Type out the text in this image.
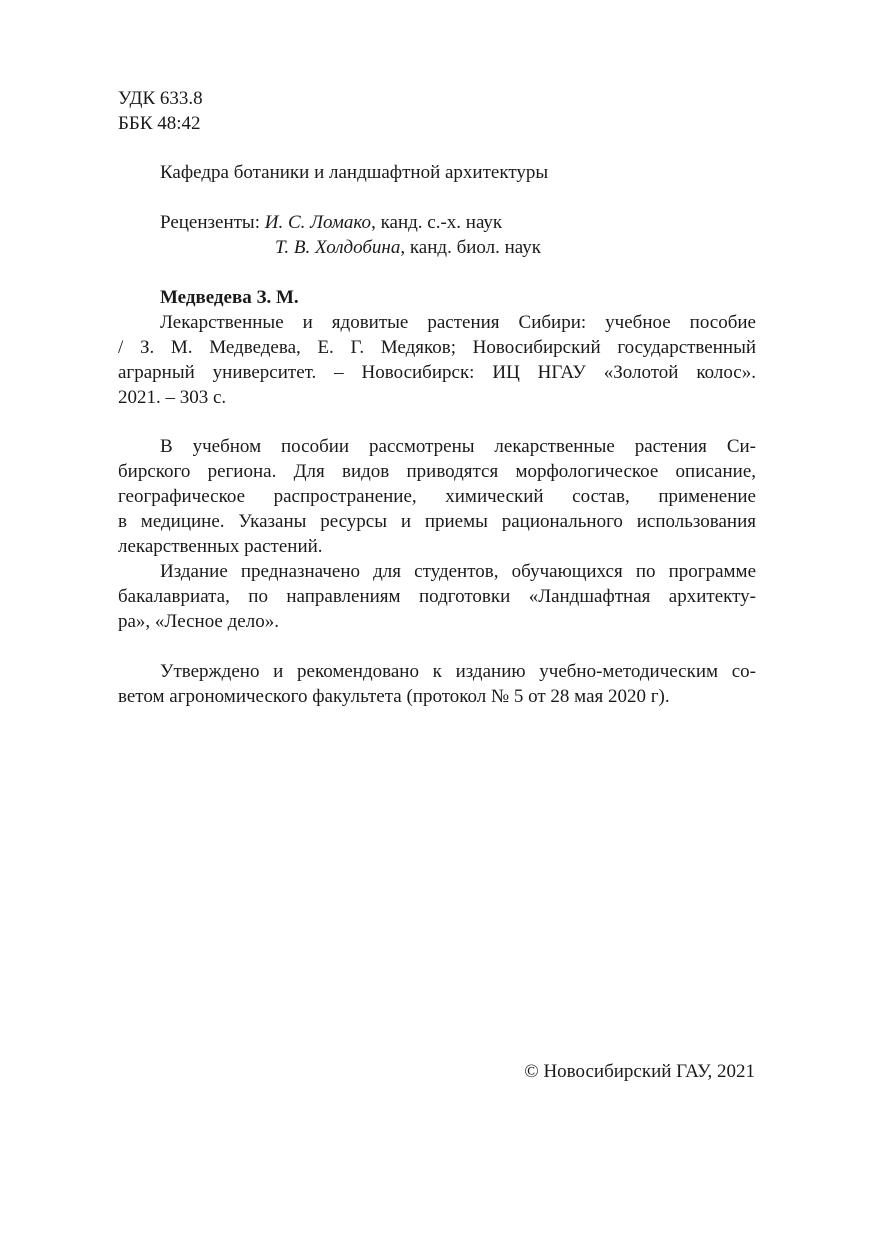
УДК 633.8
ББК 48:42
Кафедра ботаники и ландшафтной архитектуры
Рецензенты: И. С. Ломако, канд. с.-х. наук
Т. В. Холдобина, канд. биол. наук
Медведева З. М.
Лекарственные и ядовитые растения Сибири: учебное пособие
/ З. М. Медведева, Е. Г. Медяков; Новосибирский государственный
аграрный университет. – Новосибирск: ИЦ НГАУ «Золотой колос».
2021. – 303 с.
В учебном пособии рассмотрены лекарственные растения Си-
бирского региона. Для видов приводятся морфологическое описание,
географическое распространение, химический состав, применение
в медицине. Указаны ресурсы и приемы рационального использования
лекарственных растений.
Издание предназначено для студентов, обучающихся по программе
бакалавриата, по направлениям подготовки «Ландшафтная архитекту-
ра», «Лесное дело».
Утверждено и рекомендовано к изданию учебно-методическим со-
ветом агрономического факультета (протокол № 5 от 28 мая 2020 г).
© Новосибирский ГАУ, 2021
